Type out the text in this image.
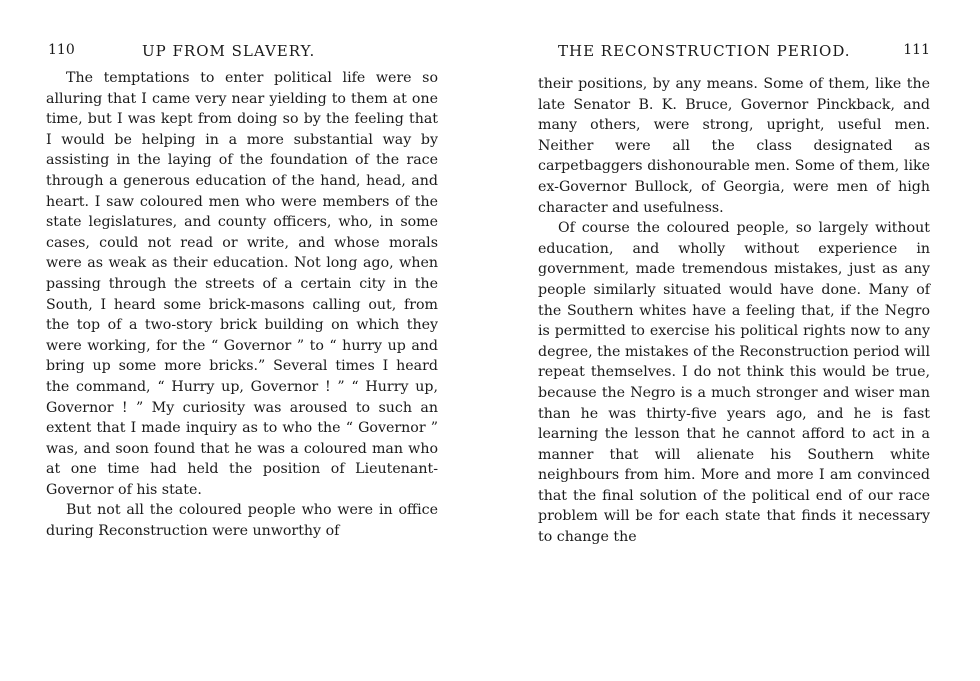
110	UP FROM SLAVERY.

The temptations to enter political life were so alluring that I came very near yielding to them at one time, but I was kept from doing so by the feeling that I would be helping in a more substantial way by assisting in the laying of the foundation of the race through a generous education of the hand, head, and heart. I saw coloured men who were members of the state legislatures, and county officers, who, in some cases, could not read or write, and whose morals were as weak as their education. Not long ago, when passing through the streets of a certain city in the South, I heard some brick-masons calling out, from the top of a two-story brick building on which they were working, for the “ Governor ” to “ hurry up and bring up some more bricks.” Several times I heard the command, “ Hurry up, Governor ! ” “ Hurry up, Governor ! ” My curiosity was aroused to such an extent that I made inquiry as to who the “ Governor ” was, and soon found that he was a coloured man who at one time had held the position of Lieutenant-Governor of his state.

But not all the coloured people who were in office during Reconstruction were unworthy of

THE RECONSTRUCTION PERIOD.	111

their positions, by any means. Some of them, like the late Senator B. K. Bruce, Governor Pinckback, and many others, were strong, upright, useful men. Neither were all the class designated as carpetbaggers dishonourable men. Some of them, like ex-Governor Bullock, of Georgia, were men of high character and usefulness.

Of course the coloured people, so largely without education, and wholly without experience in government, made tremendous mistakes, just as any people similarly situated would have done. Many of the Southern whites have a feeling that, if the Negro is permitted to exercise his political rights now to any degree, the mistakes of the Reconstruction period will repeat themselves. I do not think this would be true, because the Negro is a much stronger and wiser man than he was thirty-five years ago, and he is fast learning the lesson that he cannot afford to act in a manner that will alienate his Southern white neighbours from him. More and more I am convinced that the final solution of the political end of our race problem will be for each state that finds it necessary to change the
